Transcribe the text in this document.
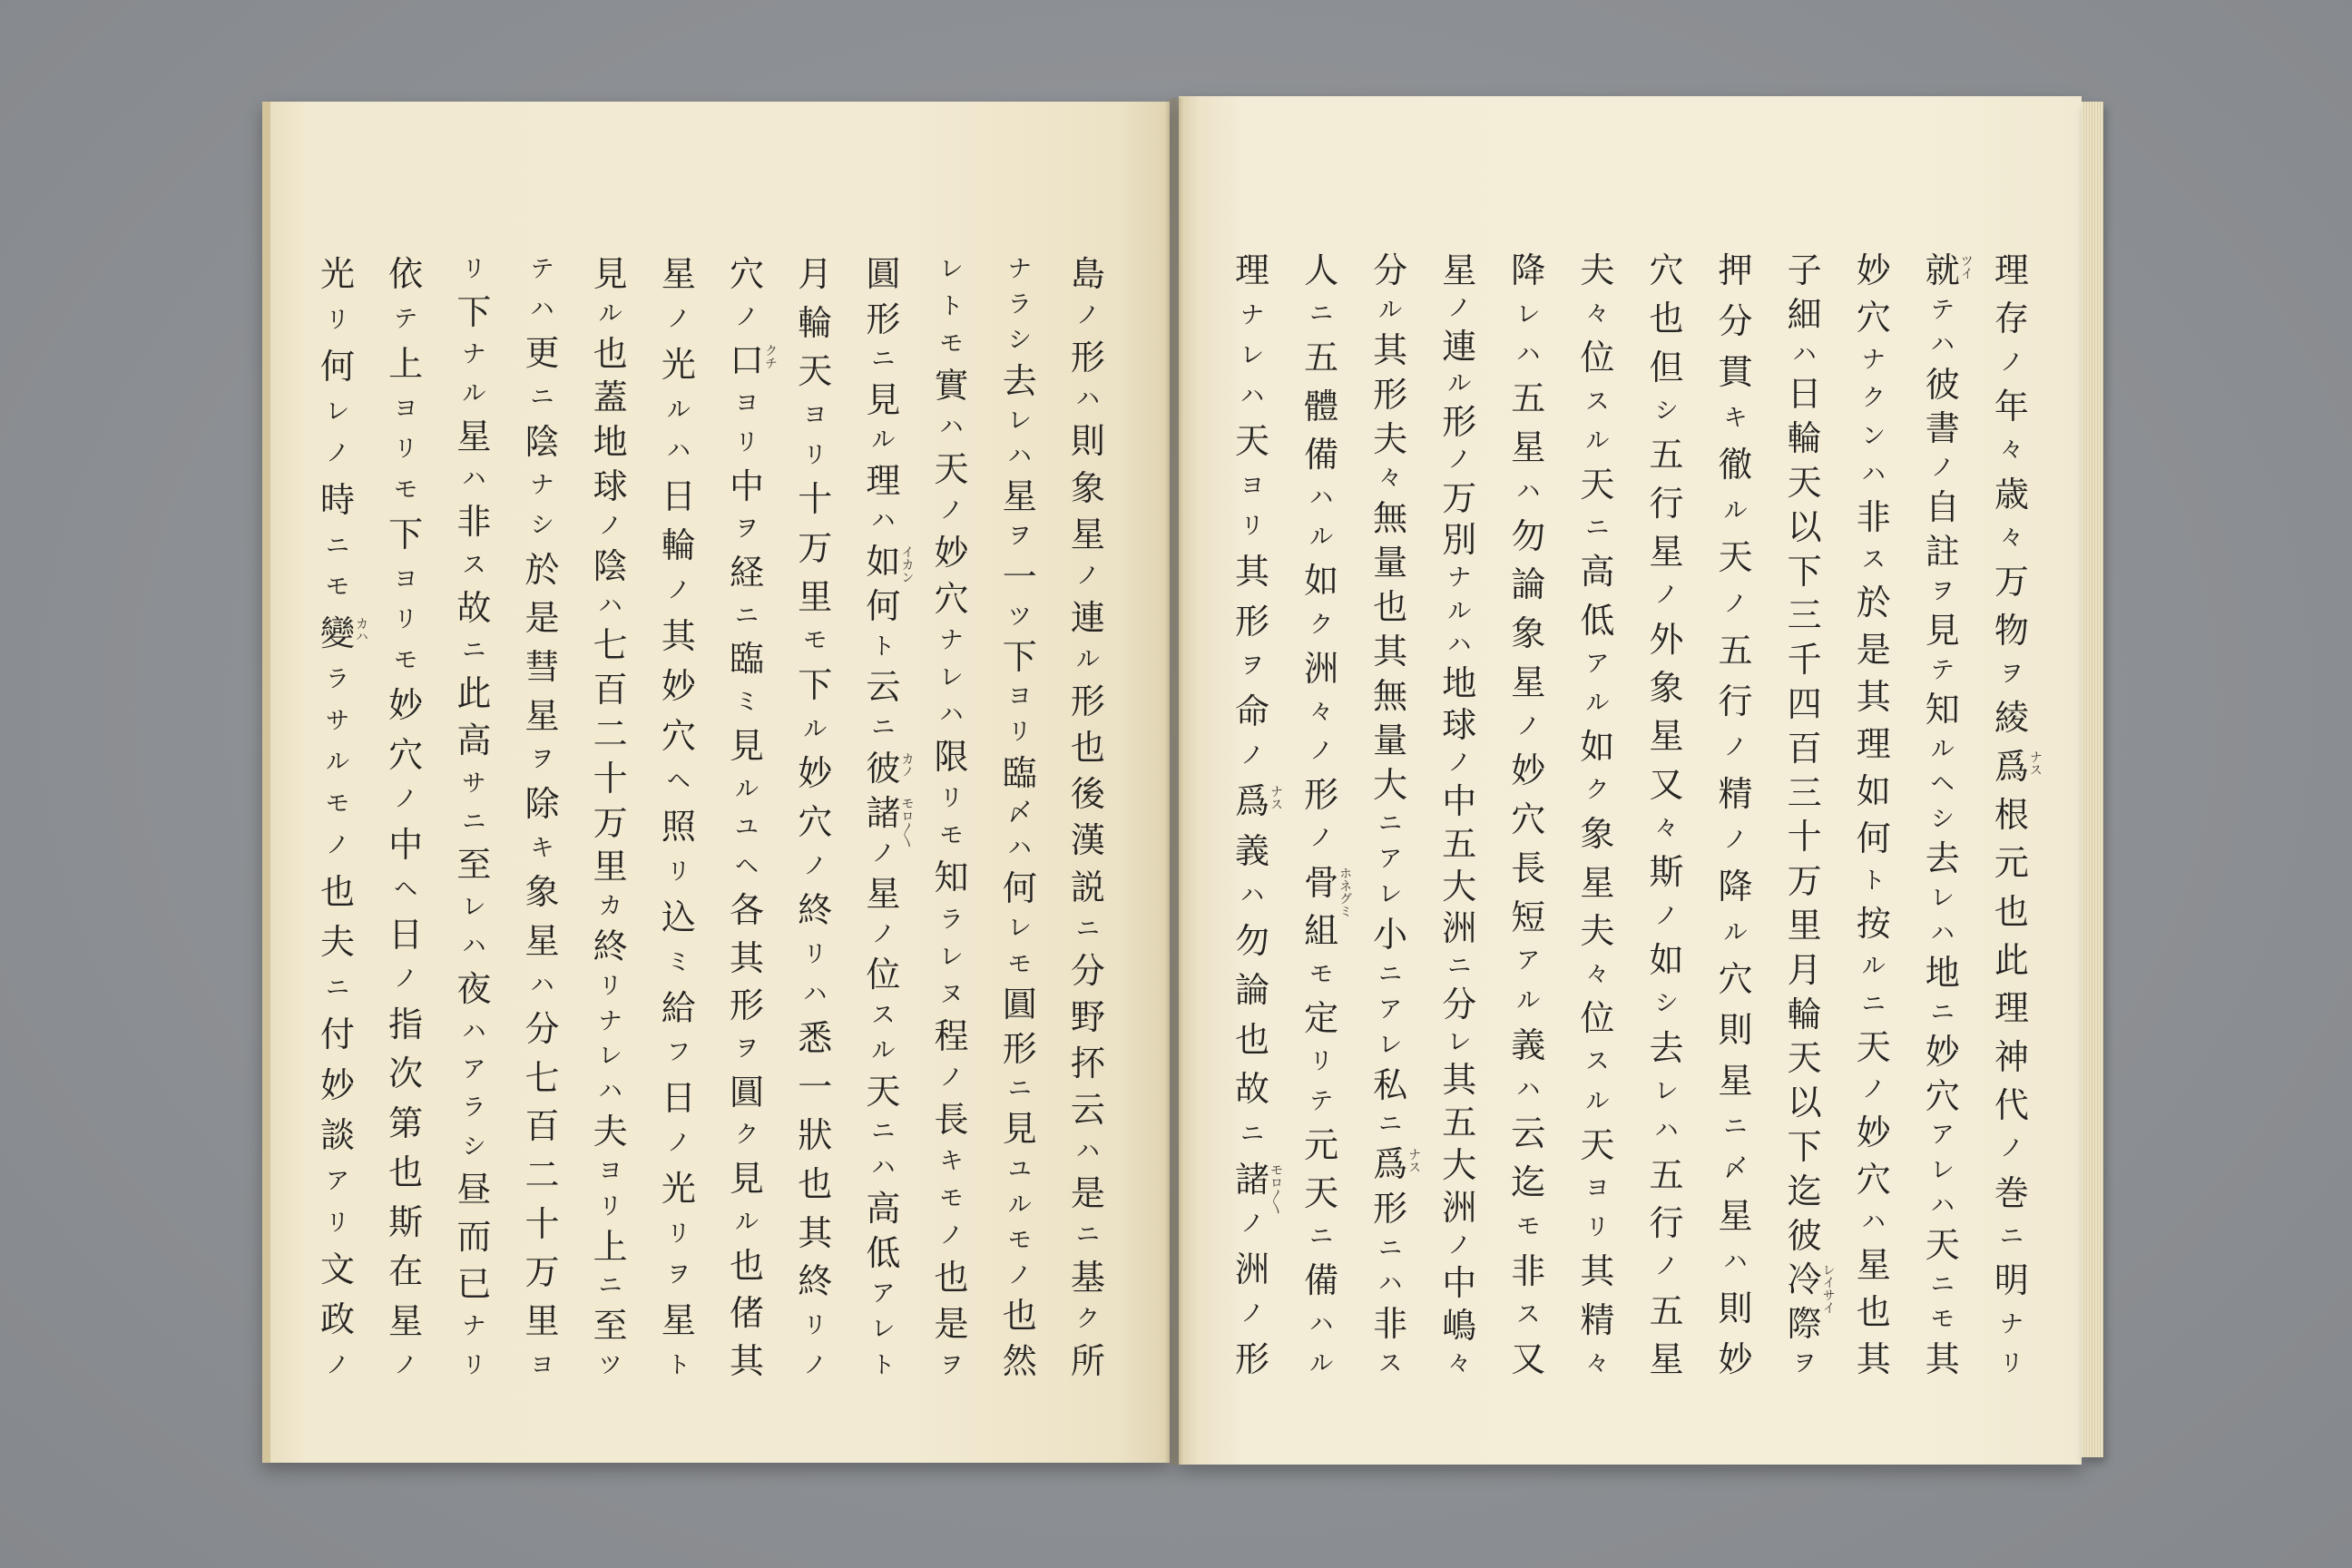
島
ノ
形
ハ
則
象
星
ノ
連
ル
形
也
後
漢
説
ニ
分
野
抔
云
ハ
是
ニ
基
ク
所
ナ
ラ
シ
去
レ
ハ
星
ヲ
一
ツ
下
ヨ
リ
臨
〆
ハ
何
レ
モ
圓
形
ニ
見
ユ
ル
モ
ノ
也
然
レ
ト
モ
實
ハ
天
ノ
妙
穴
ナ
レ
ハ
限
リ
モ
知
ラ
レ
ヌ
程
ノ
長
キ
モ
ノ
也
是
ヲ
圓
形
ニ
見
ル
理
ハ
如 イカン
何
ト
云
ニ
彼 カノ
諸 モロ〳〵
ノ
星
ノ
位
ス
ル
天
ニ
ハ
高
低
ア
レ
ト
月
輪
天
ヨ
リ
十
万
里
モ
下
ル
妙
穴
ノ
終
リ
ハ
悉
一
狀
也
其
終
リ
ノ
穴
ノ
口 クチ
ヨ
リ
中
ヲ
経
ニ
臨
ミ
見
ル
ユ
ヘ
各
其
形
ヲ
圓
ク
見
ル
也
偖
其
星
ノ
光
ル
ハ
日
輪
ノ
其
妙
穴
ヘ
照
リ
込
ミ
給
フ
日
ノ
光
リ
ヲ
星
ト
見
ル
也
蓋
地
球
ノ
陰
ハ
七
百
二
十
万
里
カ
終
リ
ナ
レ
ハ
夫
ヨ
リ
上
ニ
至
ツ
テ
ハ
更
ニ
陰
ナ
シ
於
是
彗
星
ヲ
除
キ
象
星
ハ
分
七
百
二
十
万
里
ヨ
リ
下
ナ
ル
星
ハ
非
ス
故
ニ
此
高
サ
ニ
至
レ
ハ
夜
ハ
ア
ラ
シ
昼
而
已
ナ
リ
依
テ
上
ヨ
リ
モ
下
ヨ
リ
モ
妙
穴
ノ
中
ヘ
日
ノ
指
次
第
也
斯
在
星
ノ
光
リ
何
レ
ノ
時
ニ
モ
變 カハ
ラ
サ
ル
モ
ノ
也
夫
ニ
付
妙
談
ア
リ
文
政
ノ
理
存
ノ
年
々
歳
々
万
物
ヲ
綾
爲 ナス
根
元
也
此
理
神
代
ノ
巻
ニ
明
ナ
リ
就 ツイ
テ
ハ
彼
書
ノ
自
註
ヲ
見
テ
知
ル
ヘ
シ
去
レ
ハ
地
ニ
妙
穴
ア
レ
ハ
天
ニ
モ
其
妙
穴
ナ
ク
ン
ハ
非
ス
於
是
其
理
如
何
ト
按
ル
ニ
天
ノ
妙
穴
ハ
星
也
其
子
細
ハ
日
輪
天
以
下
三
千
四
百
三
十
万
里
月
輪
天
以
下
迄
彼
冷 レイサイ
際
ヲ
押
分
貫
キ
徹
ル
天
ノ
五
行
ノ
精
ノ
降
ル
穴
則
星
ニ
〆
星
ハ
則
妙
穴
也
但
シ
五
行
星
ノ
外
象
星
又
々
斯
ノ
如
シ
去
レ
ハ
五
行
ノ
五
星
夫
々
位
ス
ル
天
ニ
高
低
ア
ル
如
ク
象
星
夫
々
位
ス
ル
天
ヨ
リ
其
精
々
降
レ
ハ
五
星
ハ
勿
論
象
星
ノ
妙
穴
長
短
ア
ル
義
ハ
云
迄
モ
非
ス
又
星
ノ
連
ル
形
ノ
万
別
ナ
ル
ハ
地
球
ノ
中
五
大
洲
ニ
分
レ
其
五
大
洲
ノ
中
嶋
々
分
ル
其
形
夫
々
無
量
也
其
無
量
大
ニ
ア
レ
小
ニ
ア
レ
私
ニ
爲 ナス
形
ニ
ハ
非
ス
人
ニ
五
體
備
ハ
ル
如
ク
洲
々
ノ
形
ノ
骨 ホネグミ
組
モ
定
リ
テ
元
天
ニ
備
ハ
ル
理
ナ
レ
ハ
天
ヨ
リ
其
形
ヲ
命
ノ
爲 ナス
義
ハ
勿
論
也
故
ニ
諸 モロ〳〵
ノ
洲
ノ
形
